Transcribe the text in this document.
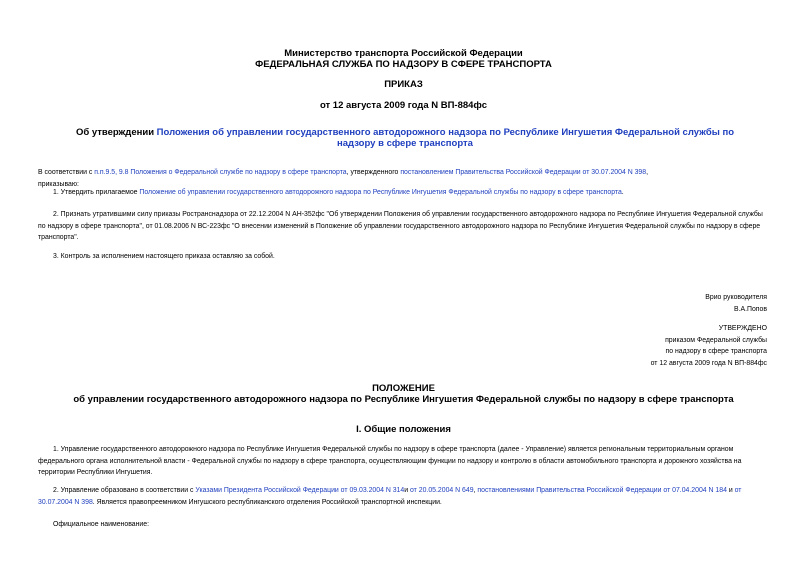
Министерство транспорта Российской Федерации
ФЕДЕРАЛЬНАЯ СЛУЖБА ПО НАДЗОРУ В СФЕРЕ ТРАНСПОРТА
ПРИКАЗ
от 12 августа 2009 года N ВП-884фс
Об утверждении Положения об управлении государственного автодорожного надзора по Республике Ингушетия Федеральной службы по надзору в сфере транспорта
В соответствии с п.п.9.5, 9.8 Положения о Федеральной службе по надзору в сфере транспорта, утвержденного постановлением Правительства Российской Федерации от 30.07.2004 N 398,
приказываю:
1. Утвердить прилагаемое Положение об управлении государственного автодорожного надзора по Республике Ингушетия Федеральной службы по надзору в сфере транспорта.
2. Признать утратившими силу приказы Ространснадзора от 22.12.2004 N АН-352фс "Об утверждении Положения об управлении государственного автодорожного надзора по Республике Ингушетия Федеральной службы по надзору в сфере транспорта", от 01.08.2006 N ВС-223фс "О внесении изменений в Положение об управлении государственного автодорожного надзора по Республике Ингушетия Федеральной службы по надзору в сфере транспорта".
3. Контроль за исполнением настоящего приказа оставляю за собой.
Врио руководителя
В.А.Попов
УТВЕРЖДЕНО
приказом Федеральной службы
по надзору в сфере транспорта
от 12 августа 2009 года N ВП-884фс
ПОЛОЖЕНИЕ
об управлении государственного автодорожного надзора по Республике Ингушетия Федеральной службы по надзору в сфере транспорта
I. Общие положения
1. Управление государственного автодорожного надзора по Республике Ингушетия Федеральной службы по надзору в сфере транспорта (далее - Управление) является региональным территориальным органом федерального органа исполнительной власти - Федеральной службы по надзору в сфере транспорта, осуществляющим функции по надзору и контролю в области автомобильного транспорта и дорожного хозяйства на территории Республики Ингушетия.
2. Управление образовано в соответствии с Указами Президента Российской Федерации от 09.03.2004 N 314и от 20.05.2004 N 649, постановлениями Правительства Российской Федерации от 07.04.2004 N 184 и от 30.07.2004 N 398. Является правопреемником Ингушского республиканского отделения Российской транспортной инспекции.
Официальное наименование:
